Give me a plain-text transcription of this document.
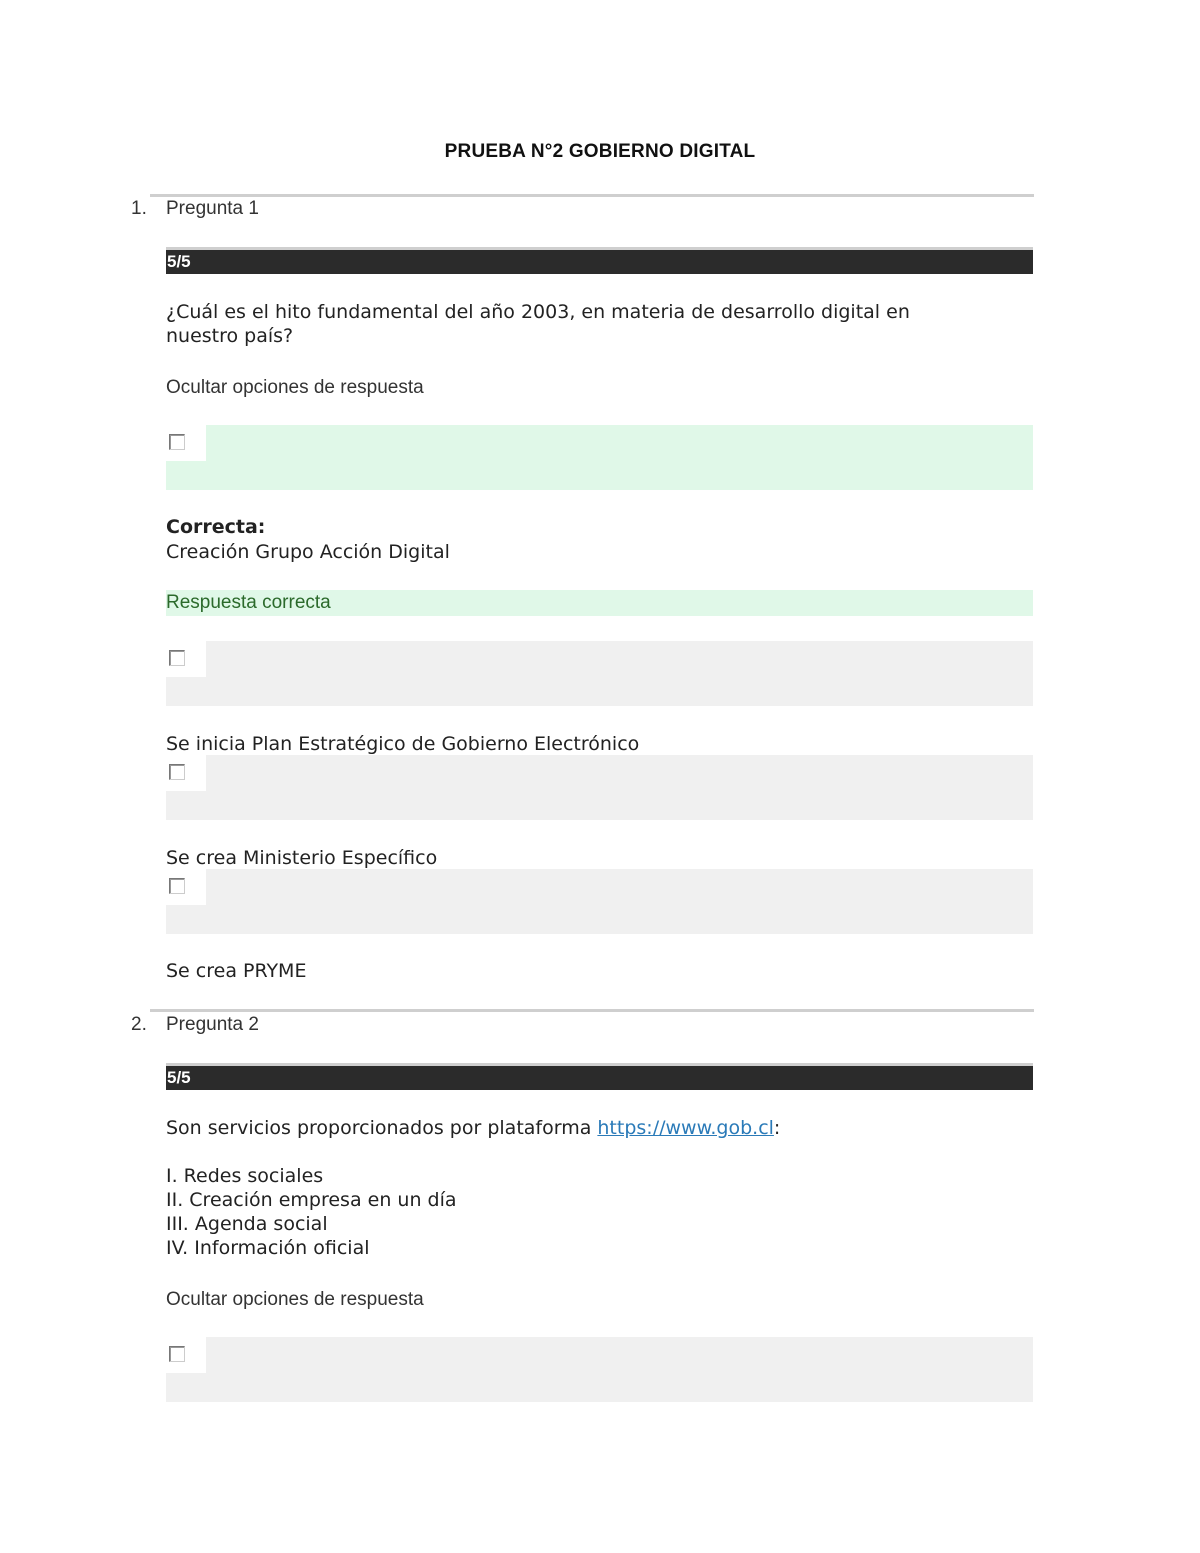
PRUEBA N°2 GOBIERNO DIGITAL
1. Pregunta 1
5/5
¿Cuál es el hito fundamental del año 2003, en materia de desarrollo digital en
nuestro país?
Ocultar opciones de respuesta
Correcta:
Creación Grupo Acción Digital
Respuesta correcta
Se inicia Plan Estratégico de Gobierno Electrónico
Se crea Ministerio Específico
Se crea PRYME
2. Pregunta 2
5/5
Son servicios proporcionados por plataforma https://www.gob.cl:
I. Redes sociales
II. Creación empresa en un día
III. Agenda social
IV. Información oficial
Ocultar opciones de respuesta
